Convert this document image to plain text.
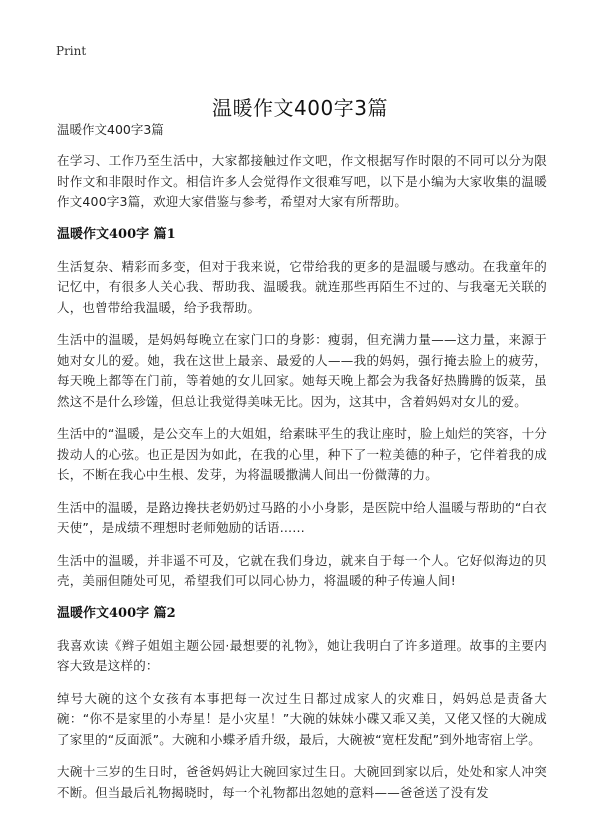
Print
温暖作文400字3篇
温暖作文400字3篇

在学习、工作乃至生活中，大家都接触过作文吧，作文根据写作时限的不同可以分为限时作文和非限时作文。相信许多人会觉得作文很难写吧，以下是小编为大家收集的温暖作文400字3篇，欢迎大家借鉴与参考，希望对大家有所帮助。

温暖作文400字 篇1

生活复杂、精彩而多变，但对于我来说，它带给我的更多的是温暖与感动。在我童年的记忆中，有很多人关心我、帮助我、温暖我。就连那些再陌生不过的、与我毫无关联的人，也曾带给我温暖，给予我帮助。

生活中的温暖，是妈妈每晚立在家门口的身影：瘦弱，但充满力量——这力量，来源于她对女儿的爱。她，我在这世上最亲、最爱的人——我的妈妈，强行掩去脸上的疲劳，每天晚上都等在门前，等着她的女儿回家。她每天晚上都会为我备好热腾腾的饭菜，虽然这不是什么珍馐，但总让我觉得美味无比。因为，这其中，含着妈妈对女儿的爱。

生活中的“温暖，是公交车上的大姐姐，给素昧平生的我让座时，脸上灿烂的笑容，十分拨动人的心弦。也正是因为如此，在我的心里，种下了一粒美德的种子，它伴着我的成长，不断在我心中生根、发芽，为将温暖撒满人间出一份微薄的力。

生活中的温暖，是路边搀扶老奶奶过马路的小小身影，是医院中给人温暖与帮助的“白衣天使”，是成绩不理想时老师勉励的话语……

生活中的温暖，并非遥不可及，它就在我们身边，就来自于每一个人。它好似海边的贝壳，美丽但随处可见，希望我们可以同心协力，将温暖的种子传遍人间!

温暖作文400字 篇2

我喜欢读《辫子姐姐主题公园·最想要的礼物》，她让我明白了许多道理。故事的主要内容大致是这样的：

绰号大碗的这个女孩有本事把每一次过生日都过成家人的灾难日，妈妈总是责备大碗：“你不是家里的小寿星！是小灾星！”大碗的妹妹小碟又乖又美，又佬又怪的大碗成了家里的“反面派”。大碗和小蝶矛盾升级，最后，大碗被“宽枉发配”到外地寄宿上学。

大碗十三岁的生日时，爸爸妈妈让大碗回家过生日。大碗回到家以后，处处和家人冲突不断。但当最后礼物揭晓时，每一个礼物都出忽她的意料——爸爸送了没有发
